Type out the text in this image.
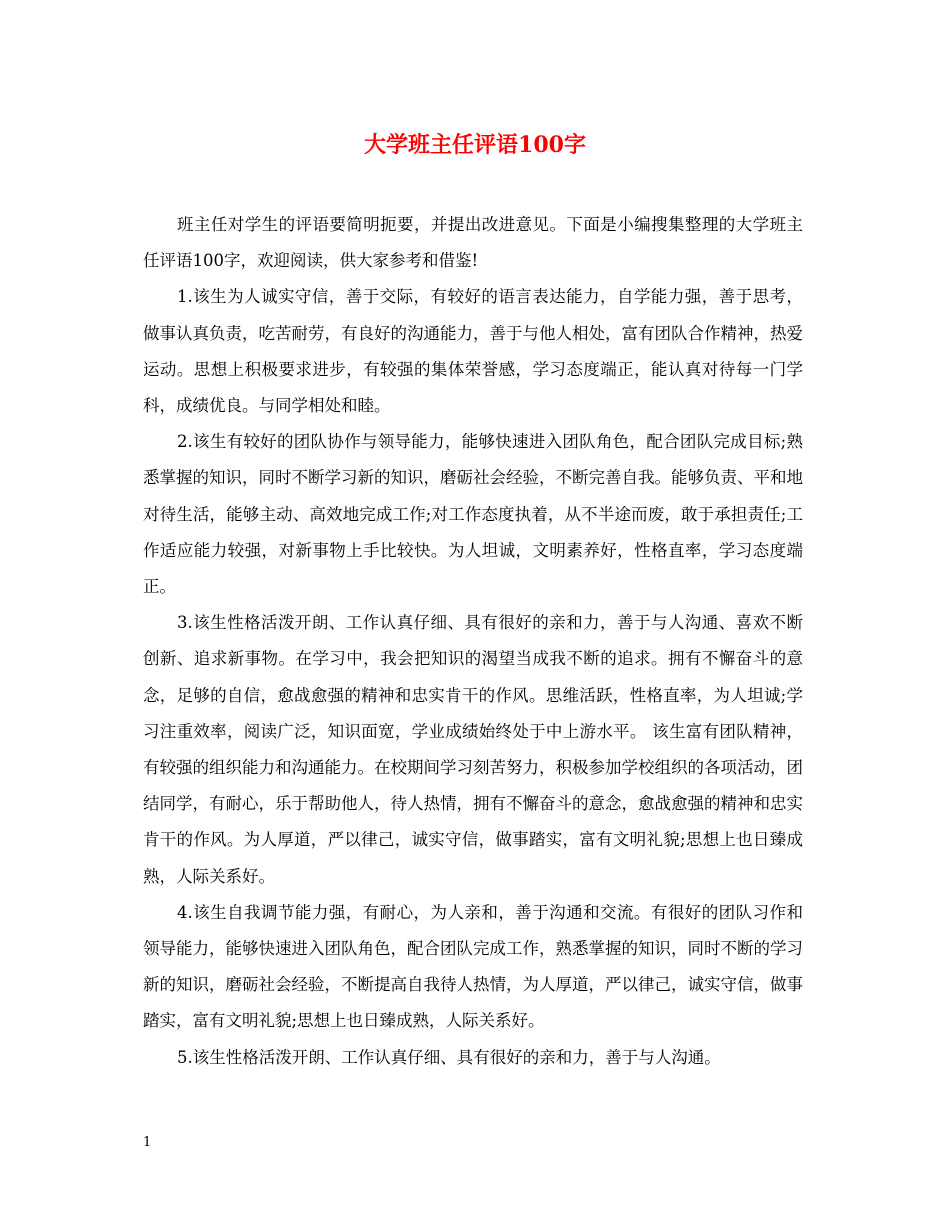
大学班主任评语100字

班主任对学生的评语要简明扼要，并提出改进意见。下面是小编搜集整理的大学班主任评语100字，欢迎阅读，供大家参考和借鉴!

1.该生为人诚实守信，善于交际，有较好的语言表达能力，自学能力强，善于思考，做事认真负责，吃苦耐劳，有良好的沟通能力，善于与他人相处，富有团队合作精神，热爱运动。思想上积极要求进步，有较强的集体荣誉感，学习态度端正，能认真对待每一门学科，成绩优良。与同学相处和睦。

2.该生有较好的团队协作与领导能力，能够快速进入团队角色，配合团队完成目标;熟悉掌握的知识，同时不断学习新的知识，磨砺社会经验，不断完善自我。能够负责、平和地对待生活，能够主动、高效地完成工作;对工作态度执着，从不半途而废，敢于承担责任;工作适应能力较强，对新事物上手比较快。为人坦诚，文明素养好，性格直率，学习态度端正。

3.该生性格活泼开朗、工作认真仔细、具有很好的亲和力，善于与人沟通、喜欢不断创新、追求新事物。在学习中，我会把知识的渴望当成我不断的追求。拥有不懈奋斗的意念，足够的自信，愈战愈强的精神和忠实肯干的作风。思维活跃，性格直率，为人坦诚;学习注重效率，阅读广泛，知识面宽，学业成绩始终处于中上游水平。 该生富有团队精神，有较强的组织能力和沟通能力。在校期间学习刻苦努力，积极参加学校组织的各项活动，团结同学，有耐心，乐于帮助他人，待人热情，拥有不懈奋斗的意念，愈战愈强的精神和忠实肯干的作风。为人厚道，严以律己，诚实守信，做事踏实，富有文明礼貌;思想上也日臻成熟，人际关系好。

4.该生自我调节能力强，有耐心，为人亲和，善于沟通和交流。有很好的团队习作和领导能力，能够快速进入团队角色，配合团队完成工作，熟悉掌握的知识，同时不断的学习新的知识，磨砺社会经验，不断提高自我待人热情，为人厚道，严以律己，诚实守信，做事踏实，富有文明礼貌;思想上也日臻成熟，人际关系好。

5.该生性格活泼开朗、工作认真仔细、具有很好的亲和力，善于与人沟通。

1
